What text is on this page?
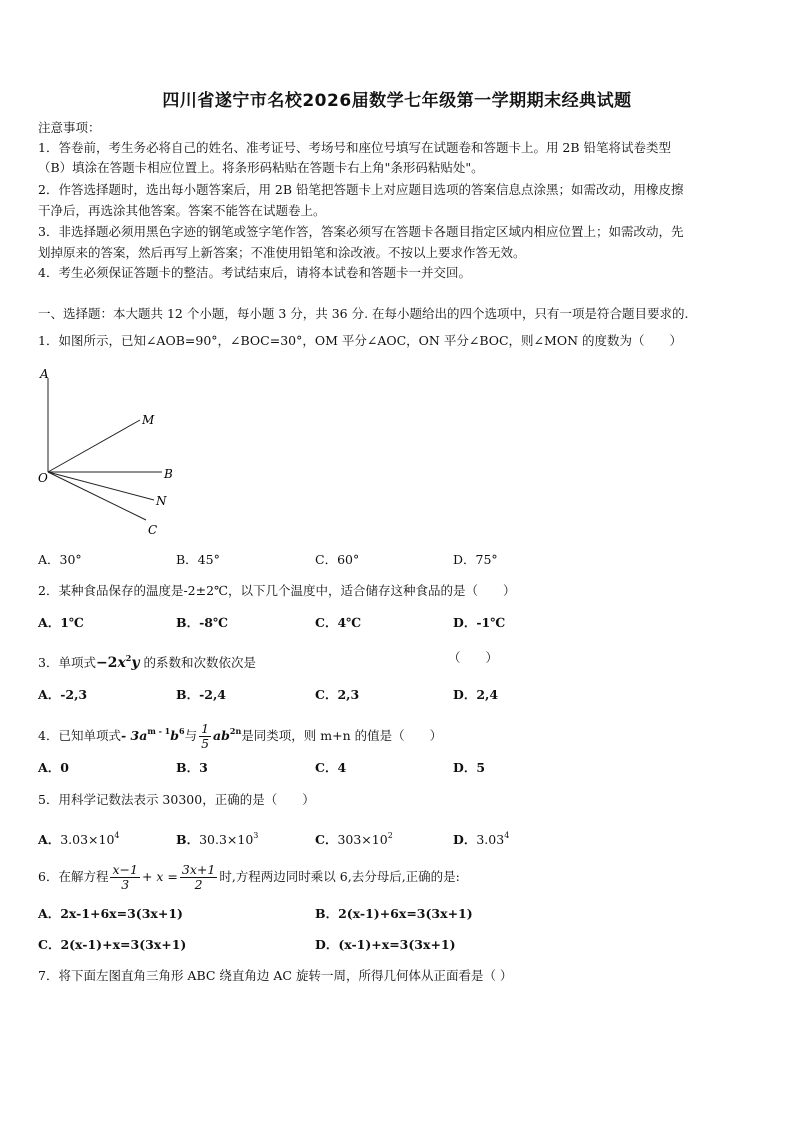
四川省遂宁市名校2026届数学七年级第一学期期末经典试题
注意事项：
1．答卷前，考生务必将自己的姓名、准考证号、考场号和座位号填写在试题卷和答题卡上。用 2B 铅笔将试卷类型
（B）填涂在答题卡相应位置上。将条形码粘贴在答题卡右上角"条形码粘贴处"。
2．作答选择题时，选出每小题答案后，用 2B 铅笔把答题卡上对应题目选项的答案信息点涂黑；如需改动，用橡皮擦
干净后，再选涂其他答案。答案不能答在试题卷上。
3．非选择题必须用黑色字迹的钢笔或签字笔作答，答案必须写在答题卡各题目指定区域内相应位置上；如需改动，先
划掉原来的答案，然后再写上新答案；不准使用铅笔和涂改液。不按以上要求作答无效。
4．考生必须保证答题卡的整洁。考试结束后，请将本试卷和答题卡一并交回。
一、选择题：本大题共 12 个小题，每小题 3 分，共 36 分. 在每小题给出的四个选项中，只有一项是符合题目要求的.
1．如图所示，已知∠AOB=90°，∠BOC=30°，OM 平分∠AOC，ON 平分∠BOC，则∠MON 的度数为（　　）
A
M
B
O
N
C
A．30°	B．45°	C．60°	D．75°
2．某种食品保存的温度是-2±2℃，以下几个温度中，适合储存这种食品的是（　　）
A．1℃	B．-8℃	C．4℃	D．-1℃
3．单项式$-2x^2y$ 的系数和次数依次是	（　　）
A．-2,3	B．-2,4	C．2,3	D．2,4
4．已知单项式- $3a^{m - 1}b^6$与 $\frac{1}{5} ab^{2n}$是同类项，则 m+n 的值是（　　）
A．0	B．3	C．4	D．5
5．用科学记数法表示 30300，正确的是（　　）
A．$3.03\times 10^4$	B．$30.3\times 10^3$	C．$303\times 10^2$	D．3.03$^4$
6．在解方程 $\frac{x-1}{3} + x = \frac{3x+1}{2}$ 时,方程两边同时乘以 6,去分母后,正确的是:
A．2x-1+6x=3(3x+1)	B．2(x-1)+6x=3(3x+1)
C．2(x-1)+x=3(3x+1)	D．(x-1)+x=3(3x+1)
7．将下面左图直角三角形 ABC 绕直角边 AC 旋转一周，所得几何体从正面看是（ ）
